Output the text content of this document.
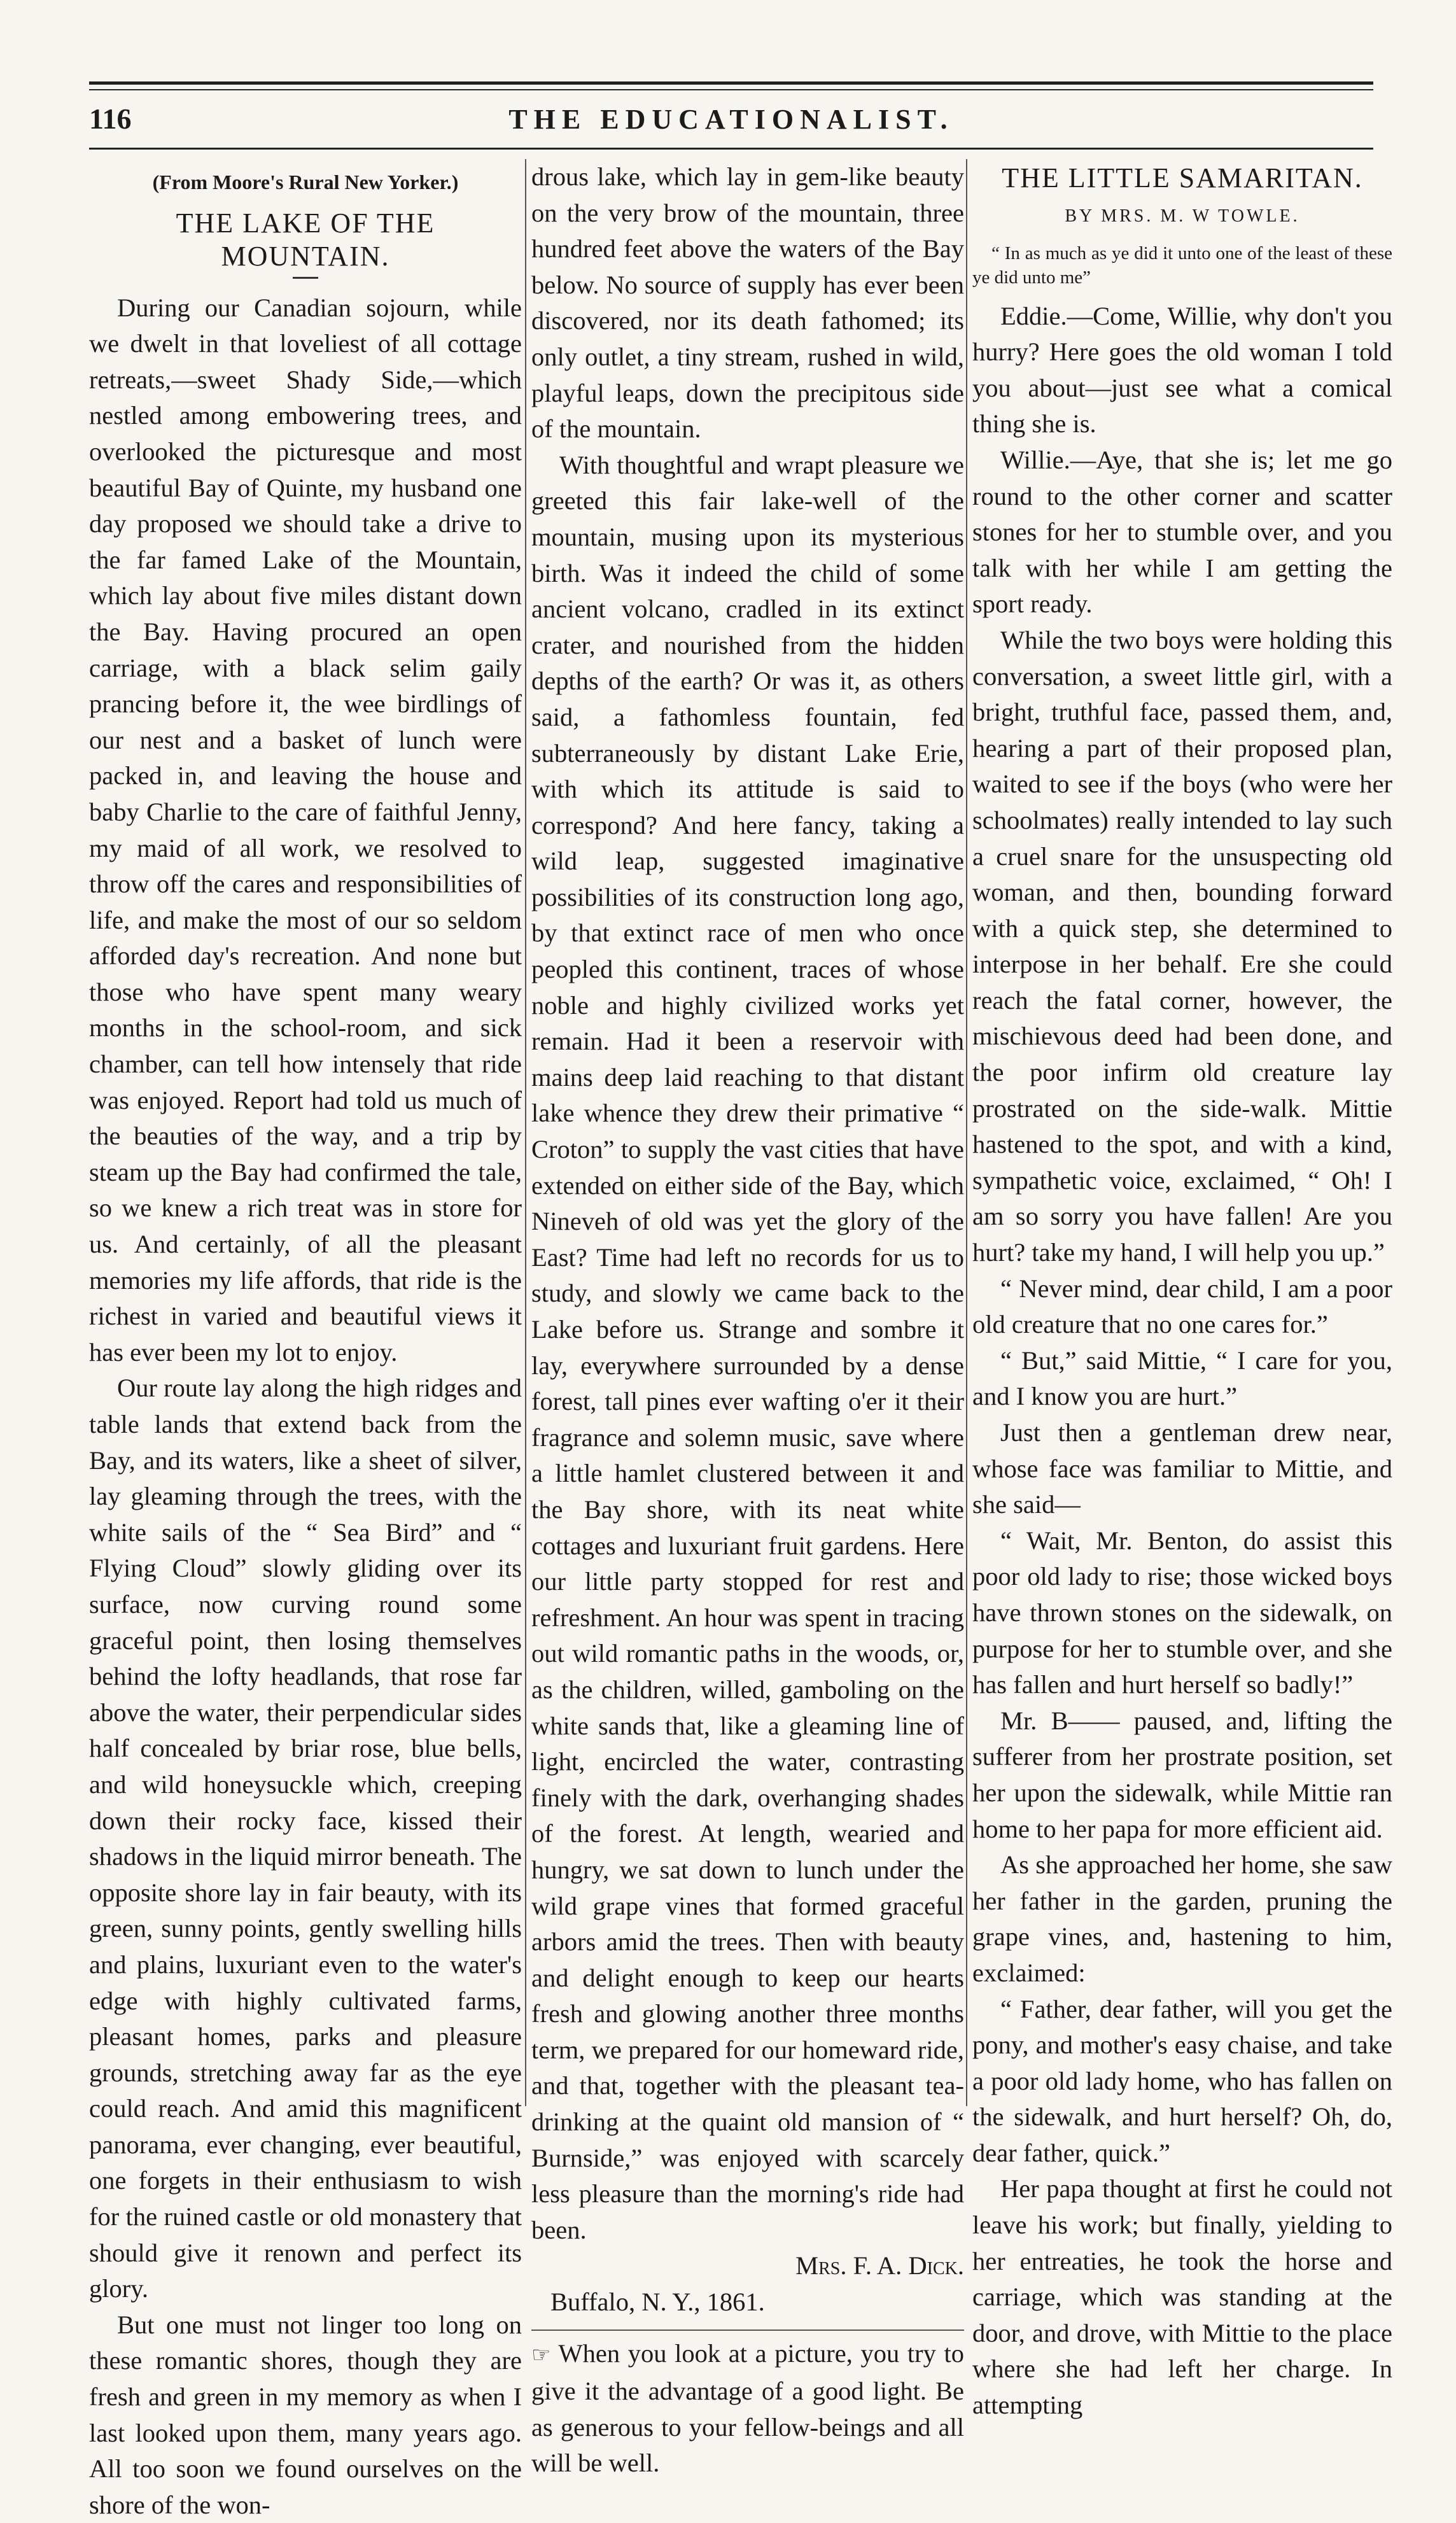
116	THE EDUCATIONALIST.
(From Moore's Rural New Yorker.)
THE LAKE OF THE MOUNTAIN.

During our Canadian sojourn, while we dwelt in that loveliest of all cottage retreats,—sweet Shady Side,—which nestled among embowering trees, and overlooked the picturesque and most beautiful Bay of Quinte, my husband one day proposed we should take a drive to the far famed Lake of the Mountain, which lay about five miles distant down the Bay. Having procured an open carriage, with a black selim gaily prancing before it, the wee birdlings of our nest and a basket of lunch were packed in, and leaving the house and baby Charlie to the care of faithful Jenny, my maid of all work, we resolved to throw off the cares and responsibilities of life, and make the most of our so seldom afforded day's recreation. And none but those who have spent many weary months in the school-room, and sick chamber, can tell how intensely that ride was enjoyed. Report had told us much of the beauties of the way, and a trip by steam up the Bay had confirmed the tale, so we knew a rich treat was in store for us. And certainly, of all the pleasant memories my life affords, that ride is the richest in varied and beautiful views it has ever been my lot to enjoy.

Our route lay along the high ridges and table lands that extend back from the Bay, and its waters, like a sheet of silver, lay gleaming through the trees, with the white sails of the “ Sea Bird” and “ Flying Cloud” slowly gliding over its surface, now curving round some graceful point, then losing themselves behind the lofty headlands, that rose far above the water, their perpendicular sides half concealed by briar rose, blue bells, and wild honeysuckle which, creeping down their rocky face, kissed their shadows in the liquid mirror beneath. The opposite shore lay in fair beauty, with its green, sunny points, gently swelling hills and plains, luxuriant even to the water's edge with highly cultivated farms, pleasant homes, parks and pleasure grounds, stretching away far as the eye could reach. And amid this magnificent panorama, ever changing, ever beautiful, one forgets in their enthusiasm to wish for the ruined castle or old monastery that should give it renown and perfect its glory.

But one must not linger too long on these romantic shores, though they are fresh and green in my memory as when I last looked upon them, many years ago. All too soon we found ourselves on the shore of the won-

drous lake, which lay in gem-like beauty on the very brow of the mountain, three hundred feet above the waters of the Bay below. No source of supply has ever been discovered, nor its death fathomed; its only outlet, a tiny stream, rushed in wild, playful leaps, down the precipitous side of the mountain.

With thoughtful and wrapt pleasure we greeted this fair lake-well of the mountain, musing upon its mysterious birth. Was it indeed the child of some ancient volcano, cradled in its extinct crater, and nourished from the hidden depths of the earth? Or was it, as others said, a fathomless fountain, fed subterraneously by distant Lake Erie, with which its attitude is said to correspond? And here fancy, taking a wild leap, suggested imaginative possibilities of its construction long ago, by that extinct race of men who once peopled this continent, traces of whose noble and highly civilized works yet remain. Had it been a reservoir with mains deep laid reaching to that distant lake whence they drew their primative “ Croton” to supply the vast cities that have extended on either side of the Bay, which Nineveh of old was yet the glory of the East? Time had left no records for us to study, and slowly we came back to the Lake before us. Strange and sombre it lay, everywhere surrounded by a dense forest, tall pines ever wafting o'er it their fragrance and solemn music, save where a little hamlet clustered between it and the Bay shore, with its neat white cottages and luxuriant fruit gardens. Here our little party stopped for rest and refreshment. An hour was spent in tracing out wild romantic paths in the woods, or, as the children, willed, gamboling on the white sands that, like a gleaming line of light, encircled the water, contrasting finely with the dark, overhanging shades of the forest. At length, wearied and hungry, we sat down to lunch under the wild grape vines that formed graceful arbors amid the trees. Then with beauty and delight enough to keep our hearts fresh and glowing another three months term, we prepared for our homeward ride, and that, together with the pleasant tea-drinking at the quaint old mansion of “ Burnside,” was enjoyed with scarcely less pleasure than the morning's ride had been.

Mrs. F. A. Dick.
Buffalo, N. Y., 1861.
☞ When you look at a picture, you try to give it the advantage of a good light. Be as generous to your fellow-beings and all will be well.
THE LITTLE SAMARITAN.
BY MRS. M. W TOWLE.
“ In as much as ye did it unto one of the least of these ye did unto me”

Eddie.—Come, Willie, why don't you hurry? Here goes the old woman I told you about—just see what a comical thing she is.

Willie.—Aye, that she is; let me go round to the other corner and scatter stones for her to stumble over, and you talk with her while I am getting the sport ready.

While the two boys were holding this conversation, a sweet little girl, with a bright, truthful face, passed them, and, hearing a part of their proposed plan, waited to see if the boys (who were her schoolmates) really intended to lay such a cruel snare for the unsuspecting old woman, and then, bounding forward with a quick step, she determined to interpose in her behalf. Ere she could reach the fatal corner, however, the mischievous deed had been done, and the poor infirm old creature lay prostrated on the side-walk. Mittie hastened to the spot, and with a kind, sympathetic voice, exclaimed, “ Oh! I am so sorry you have fallen! Are you hurt? take my hand, I will help you up.”

“ Never mind, dear child, I am a poor old creature that no one cares for.”

“ But,” said Mittie, “ I care for you, and I know you are hurt.”

Just then a gentleman drew near, whose face was familiar to Mittie, and she said—

“ Wait, Mr. Benton, do assist this poor old lady to rise; those wicked boys have thrown stones on the sidewalk, on purpose for her to stumble over, and she has fallen and hurt herself so badly!”

Mr. B—— paused, and, lifting the sufferer from her prostrate position, set her upon the sidewalk, while Mittie ran home to her papa for more efficient aid.

As she approached her home, she saw her father in the garden, pruning the grape vines, and, hastening to him, exclaimed:

“ Father, dear father, will you get the pony, and mother's easy chaise, and take a poor old lady home, who has fallen on the sidewalk, and hurt herself? Oh, do, dear father, quick.”

Her papa thought at first he could not leave his work; but finally, yielding to her entreaties, he took the horse and carriage, which was standing at the door, and drove, with Mittie to the place where she had left her charge. In attempting
